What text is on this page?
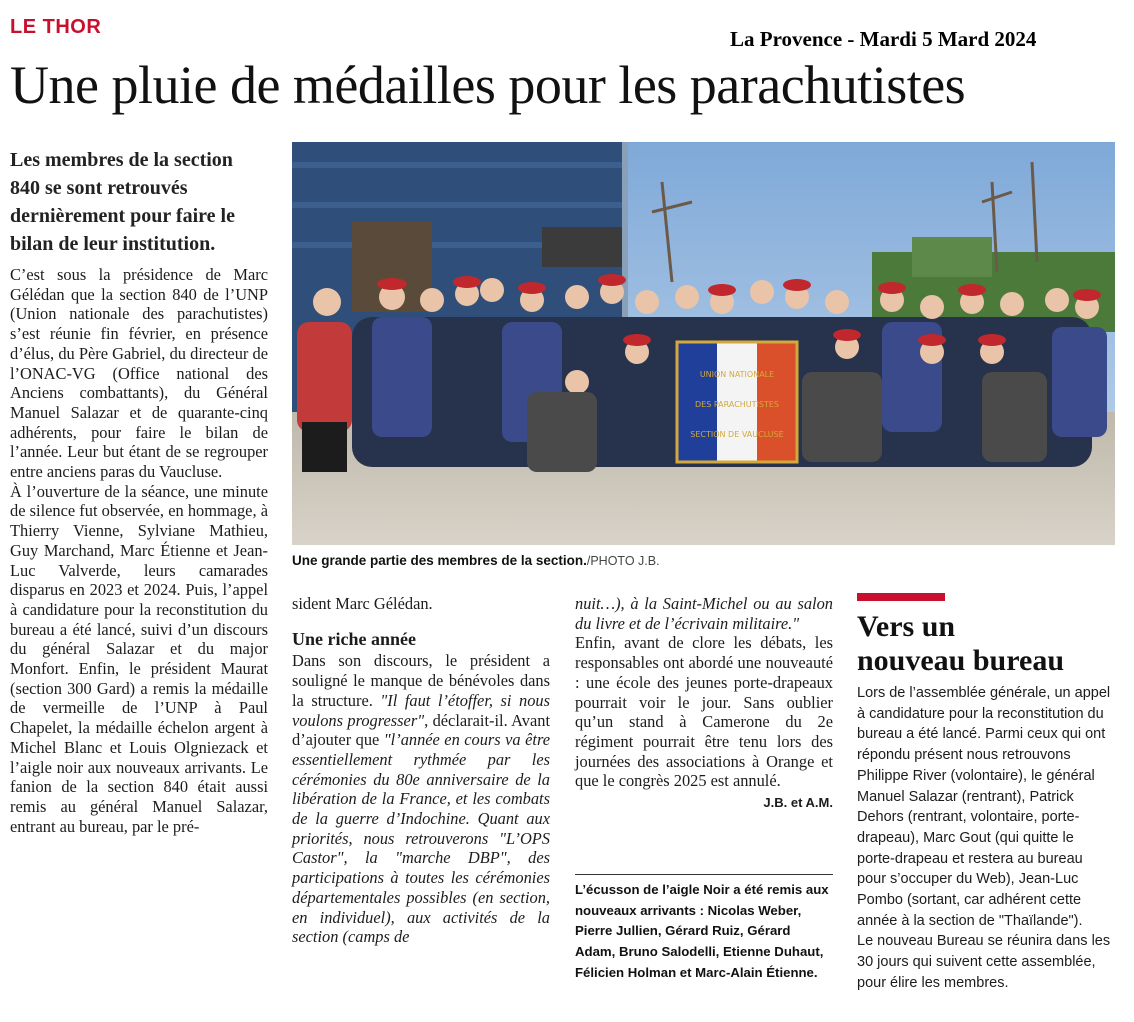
LE THOR	La Provence - Mardi 5 Mard 2024
Une pluie de médailles pour les parachutistes
Les membres de la section 840 se sont retrouvés dernièrement pour faire le bilan de leur institution.

C’est sous la présidence de Marc Gélédan que la section 840 de l’UNP (Union nationale des parachutistes) s’est réunie fin février, en présence d’élus, du Père Gabriel, du directeur de l’ONAC-VG (Office national des Anciens combattants), du Général Manuel Salazar et de quarante-cinq adhérents, pour faire le bilan de l’année. Leur but étant de se regrouper entre anciens paras du Vaucluse.

À l’ouverture de la séance, une minute de silence fut observée, en hommage, à Thierry Vienne, Sylviane Mathieu, Guy Marchand, Marc Étienne et Jean-Luc Valverde, leurs camarades disparus en 2023 et 2024. Puis, l’appel à candidature pour la reconstitution du bureau a été lancé, suivi d’un discours du général Salazar et du major Monfort. Enfin, le président Maurat (section 300 Gard) a remis la médaille de vermeille de l’UNP à Paul Chapelet, la médaille échelon argent à Michel Blanc et Louis Olgniezack et l’aigle noir aux nouveaux arrivants. Le fanion de la section 840 était aussi remis au général Manuel Salazar, entrant au bureau, par le pré-

sident Marc Gélédan.

Une riche année

Dans son discours, le président a souligné le manque de bénévoles dans la structure. "Il faut l’étoffer, si nous voulons progresser", déclarait-il. Avant d’ajouter que "l’année en cours va être essentiellement rythmée par les cérémonies du 80e anniversaire de la libération de la France, et les combats de la guerre d’Indochine. Quant aux priorités, nous retrouverons "L’OPS Castor", la "marche DBP", des participations à toutes les cérémonies départementales possibles (en section, en individuel), aux activités de la section (camps de

nuit…), à la Saint-Michel ou au salon du livre et de l’écrivain militaire."

Enfin, avant de clore les débats, les responsables ont abordé une nouveauté : une école des jeunes porte-drapeaux pourrait voir le jour. Sans oublier qu’un stand à Camerone du 2e régiment pourrait être tenu lors des journées des associations à Orange et que le congrès 2025 est annulé.

J.B. et A.M.

UNION NATIONALE
DES PARACHUTISTES
SECTION DE VAUCLUSE
Une grande partie des membres de la section./PHOTO J.B.
L’écusson de l’aigle Noir a été remis aux nouveaux arrivants : Nicolas Weber, Pierre Jullien, Gérard Ruiz, Gérard Adam, Bruno Salodelli, Etienne Duhaut, Félicien Holman et Marc-Alain Étienne.
Vers un
nouveau bureau
Lors de l’assemblée générale, un appel à candidature pour la reconstitution du bureau a été lancé. Parmi ceux qui ont répondu présent nous retrouvons Philippe River (volontaire), le général Manuel Salazar (rentrant), Patrick Dehors (rentrant, volontaire, porte-drapeau), Marc Gout (qui quitte le porte-drapeau et restera au bureau pour s’occuper du Web), Jean-Luc Pombo (sortant, car adhérent cette année à la section de "Thaïlande").
Le nouveau Bureau se réunira dans les 30 jours qui suivent cette assemblée, pour élire les membres.
